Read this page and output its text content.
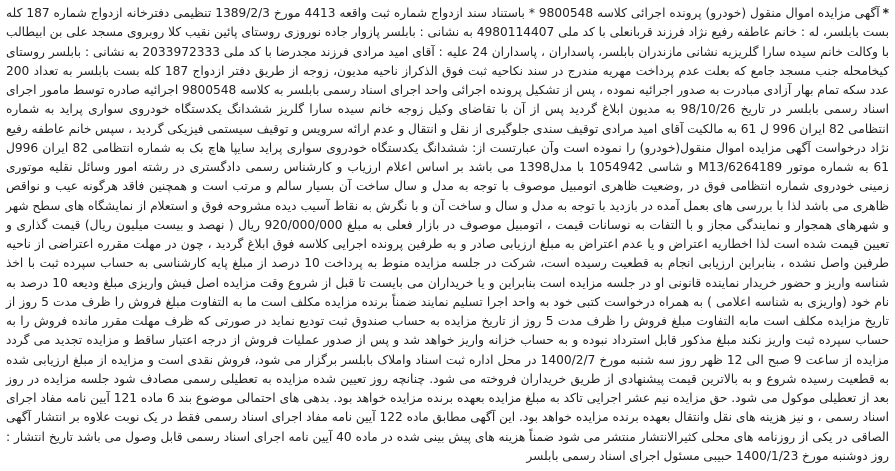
*آگهی مزایده اموال منقول (خودرو) پرونده اجرائی کلاسه 9800548 * باستناد سند ازدواج شماره ثبت واقعه 4413 مورخ 1389/2/3 تنظیمی دفترخانه ازدواج شماره 187 کله بست بابلسر، له : خانم عاطفه رفیع نژاد فرزند قربانعلی با کد ملی 4980114407 به نشانی : بابلسر پازوار جاده نوروزی روستای پائین نقیب کلا روبروی مسجد علی بن ابیطالب با وکالت خانم سیده سارا گلریزیه نشانی مازندران بابلسر، پاسداران ، پاسداران 24 علیه : آقای امید مرادی فرزند مجدرضا با کد ملی 2033972333 به نشانی : بابلسر روستای کیخامحله جنب مسجد جامع که بعلت عدم پرداخت مهریه مندرج در سند نکاحیه ثبت فوق الذکراز ناحیه مدیون، زوجه از طریق دفتر ازدواج 187 کله بست بابلسر به تعداد 200 عدد سکه تمام بهار آزادی مبادرت به صدور اجرائیه نموده ، پس از تشکیل پرونده اجرائی واحد اجرای اسناد رسمی بابلسر به کلاسه 9800548 اجرائیه صادره توسط مامور اجرای اسناد رسمی بابلسر در تاریخ 98/10/26 به مدیون ابلاغ گردید پس از آن با تقاضای وکیل زوجه خانم سیده سارا گلریز ششدانگ یکدستگاه خودروی سواری پراید به شماره انتظامی 82 ایران 996 ل 61 به مالکیت آقای امید مرادی توقیف سندی جلوگیری از نقل و انتقال و عدم ارائه سرویس و توقیف سیستمی فیزیکی گردید ، سپس خانم عاطفه رفیع نژاد درخواست آگهی مزایده اموال منقول(خودرو) را نموده است وآن عبارتست از: ششدانگ یکدستگاه خودروی سواری پراید سایپا هاچ بک به شماره انتظامی 82 ایران 996ل 61 به شماره موتور M13/6264189 و شاسی 1054942 با مدل1398 می باشد بر اساس اعلام ارزیاب و کارشناس رسمی دادگستری در رشته امور وسائل نقلیه موتوری زمینی خودروی شماره انتظامی فوق در ,وضعیت ظاهری اتومبیل موصوف با توجه به مدل و سال ساخت آن بسیار سالم و مرتب است و همچنین فاقد هرگونه عیب و نواقص ظاهری می باشد لذا با بررسی های بعمل آمده در بازدید با توجه به مدل و سال و ساخت آن و با نگرش به نقاط آسیب دیده مشروحه فوق و استعلام از نمایشگاه های سطح شهر و شهرهای همجوار و نمایندگی مجاز و با التفات به نوسانات قیمت ، اتومبیل موصوف در بازار فعلی به مبلغ 920/000/000 ریال ( نهصد و بیست میلیون ریال) قیمت گذاری و تعیین قیمت شده است لذا اخطاریه اعتراض و یا عدم اعتراض به مبلغ ارزیابی صادر و به طرفین پرونده اجرایی کلاسه فوق ابلاغ گردید ، چون در مهلت مقرره اعتراضی از ناحیه طرفین واصل نشده ، بنابراین ارزیابی انجام به قطعیت رسیده است، شرکت در جلسه مزایده منوط به پرداخت 10 درصد از مبلغ پایه کارشناسی به حساب سپرده ثبت با اخذ شناسه واریز و حضور خریدار نماینده قانونی او در جلسه مزایده است بنابراین و یا خریداران می بایست تا قبل از شروع وقت مزایده اصل فیش واریزی مبلغ ودیعه 10 درصد به نام خود (واریزی به شناسه اعلامی ) به همراه درخواست کتبی خود به واحد اجرا تسلیم نمایند ضمناً برنده مزایده مکلف است ما به التفاوت مبلغ فروش را ظرف مدت 5 روز از تاریخ مزایده مکلف است مابه التفاوت مبلغ فروش را ظرف مدت 5 روز از تاریخ مزایده به حساب صندوق ثبت تودیع نماید در صورتی که ظرف مهلت مقرر مانده فروش را به حساب سپرده ثبت واریز نکند مبلغ مذکور قابل استرداد نبوده و به حساب خزانه واریز خواهد شد و پس از صدور عملیات فروش از درجه اعتبار ساقط و مزایده تجدید می گردد مزایده از ساعت 9 صبح الی 12 ظهر روز سه شنبه مورخ 1400/2/7 در محل اداره ثبت اسناد واملاک بابلسر برگزار می شود، فروش نقدی است و مزایده از مبلغ ارزیابی شده به قطعیت رسیده شروع و به بالاترین قیمت پیشنهادی از طریق خریداران فروخته می شود. چنانچه روز تعیین شده مزایده به تعطیلی رسمی مصادف شود جلسه مزایده در روز بعد از تعطیلی موکول می شود. حق مزایده نیم عشر اجرایی تاکد به مبلغ مزایده بعهده برنده مزایده خواهد بود. بدهی های احتمالی موضوع بند 6 ماده 121 آیین نامه مفاد اجرای اسناد رسمی ، و نیز هزینه های نقل وانتقال بعهده برنده مزایده خواهد بود. این آگهی مطابق ماده 122 آیین نامه مفاد اجرای اسناد رسمی فقط در یک نوبت علاوه بر انتشار آگهی الصاقی در یکی از روزنامه های محلی کثیرالانتشار منتشر می شود ضمناً هزینه های پیش بینی شده در ماده 40 آیین نامه اجرای اسناد رسمی قابل وصول می باشد تاریخ انتشار : روز دوشنبه مورخ 1400/1/23 حبیبی مسئول اجرای اسناد رسمی بابلسر
